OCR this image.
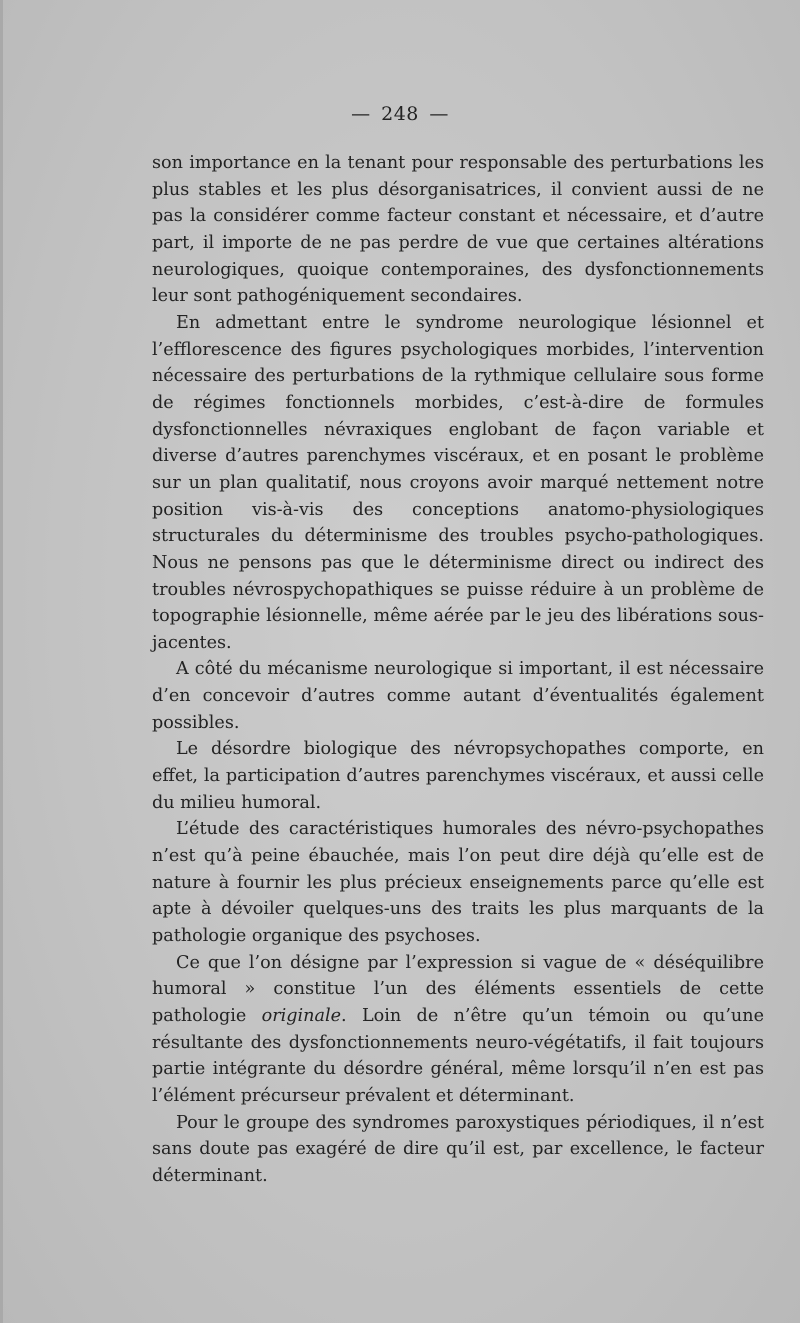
— 248 —

son importance en la tenant pour responsable des perturbations les plus stables et les plus désorganisatrices, il convient aussi de ne pas la considérer comme facteur constant et nécessaire, et d’autre part, il importe de ne pas perdre de vue que certaines altérations neurologiques, quoique contemporaines, des dysfonctionnements leur sont pathogéniquement secondaires.

En admettant entre le syndrome neurologique lésionnel et l’efflorescence des figures psychologiques morbides, l’intervention nécessaire des perturbations de la rythmique cellulaire sous forme de régimes fonctionnels morbides, c’est-à-dire de formules dysfonctionnelles névraxiques englobant de façon variable et diverse d’autres parenchymes viscéraux, et en posant le problème sur un plan qualitatif, nous croyons avoir marqué nettement notre position vis-à-vis des conceptions anatomo-physiologiques structurales du déterminisme des troubles psycho-pathologiques. Nous ne pensons pas que le déterminisme direct ou indirect des troubles névrospychopathiques se puisse réduire à un problème de topographie lésionnelle, même aérée par le jeu des libérations sous-jacentes.

A côté du mécanisme neurologique si important, il est nécessaire d’en concevoir d’autres comme autant d’éventualités également possibles.

Le désordre biologique des névropsychopathes comporte, en effet, la participation d’autres parenchymes viscéraux, et aussi celle du milieu humoral.

L’étude des caractéristiques humorales des névro-psychopathes n’est qu’à peine ébauchée, mais l’on peut dire déjà qu’elle est de nature à fournir les plus précieux enseignements parce qu’elle est apte à dévoiler quelques-uns des traits les plus marquants de la pathologie organique des psychoses.

Ce que l’on désigne par l’expression si vague de « déséquilibre humoral » constitue l’un des éléments essentiels de cette pathologie originale. Loin de n’être qu’un témoin ou qu’une résultante des dysfonctionnements neuro-végétatifs, il fait toujours partie intégrante du désordre général, même lorsqu’il n’en est pas l’élément précurseur prévalent et déterminant.

Pour le groupe des syndromes paroxystiques périodiques, il n’est sans doute pas exagéré de dire qu’il est, par excellence, le facteur déterminant.
